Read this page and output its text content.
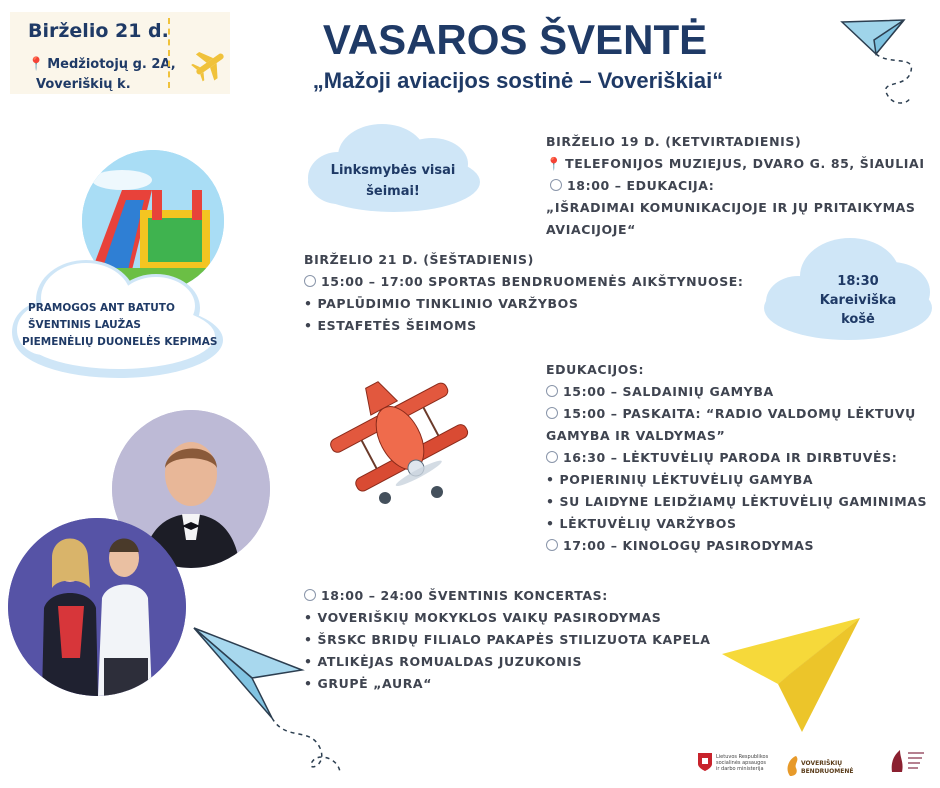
Birželio 21 d.
📍 Medžiotojų g. 2A,
Voveriškių k.
VASAROS ŠVENTĖ
„Mažoji aviacijos sostinė – Voveriškiai“
PRAMOGOS ANT BATUTO
ŠVENTINIS LAUŽAS
PIEMENĖLIŲ DUONELĖS KEPIMAS
Linksmybės visai šeimai!
18:30
Kareiviška
košė
BIRŽELIO 19 D. (KETVIRTADIENIS)
📍 TELEFONIJOS MUZIEJUS, DVARO G. 85, ŠIAULIAI
18:00 – EDUKACIJA:
„IŠRADIMAI KOMUNIKACIJOJE IR JŲ PRITAIKYMAS
AVIACIJOJE“
BIRŽELIO 21 D. (ŠEŠTADIENIS)
15:00 – 17:00 SPORTAS BENDRUOMENĖS AIKŠTYNUOSE:
• PAPLŪDIMIO TINKLINIO VARŽYBOS
• ESTAFETĖS ŠEIMOMS
EDUKACIJOS:
15:00 – SALDAINIŲ GAMYBA
15:00 – PASKAITA: “RADIO VALDOMŲ LĖKTUVŲ
GAMYBA IR VALDYMAS”
16:30 – LĖKTUVĖLIŲ PARODA IR DIRBTUVĖS:
• POPIERINIŲ LĖKTUVĖLIŲ GAMYBA
• SU LAIDYNE LEIDŽIAMŲ LĖKTUVĖLIŲ GAMINIMAS
• LĖKTUVĖLIŲ VARŽYBOS
17:00 – KINOLOGŲ PASIRODYMAS
18:00 – 24:00 ŠVENTINIS KONCERTAS:
• VOVERIŠKIŲ MOKYKLOS VAIKŲ PASIRODYMAS
• ŠRSKC BRIDŲ FILIALO PAKAPĖS STILIZUOTA KAPELA
• ATLIKĖJAS ROMUALDAS JUZUKONIS
• GRUPĖ „AURA“
Lietuvos Respublikos
socialinės apsaugos
ir darbo ministerija
VOVERIŠKIŲ
BENDRUOMENĖ
